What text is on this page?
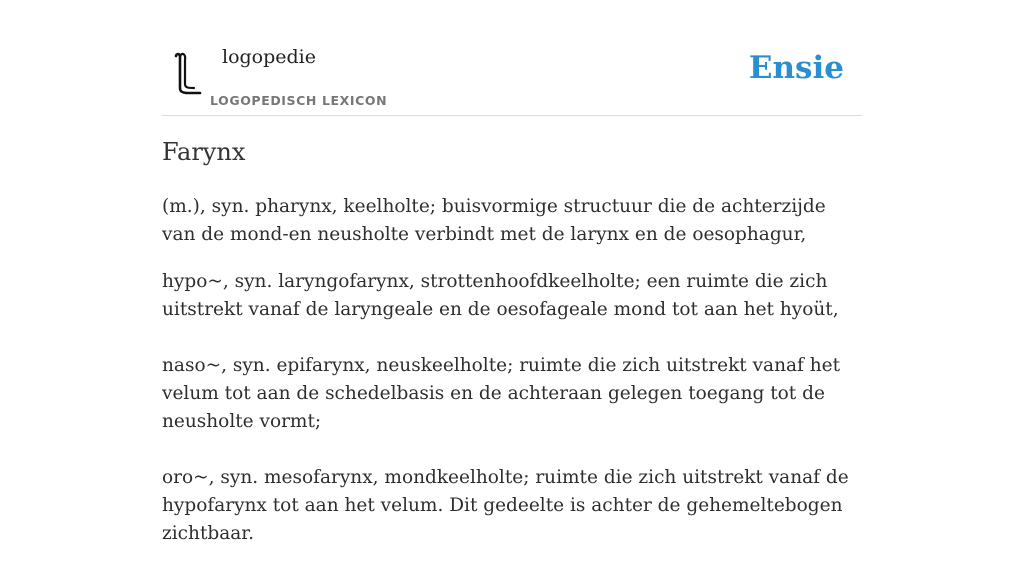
logopedie
LOGOPEDISCH LEXICON
Ensie
Farynx

(m.), syn. pharynx, keelholte; buisvormige structuur die de achterzijde van de mond-en neusholte verbindt met de larynx en de oesophagur,

hypo~, syn. laryngofarynx, strottenhoofdkeelholte; een ruimte die zich uitstrekt vanaf de laryngeale en de oesofageale mond tot aan het hyoüt,

naso~, syn. epifarynx, neuskeelholte; ruimte die zich uitstrekt vanaf het velum tot aan de schedelbasis en de achteraan gelegen toegang tot de neusholte vormt;

oro~, syn. mesofarynx, mondkeelholte; ruimte die zich uitstrekt vanaf de hypofarynx tot aan het velum. Dit gedeelte is achter de gehemeltebogen zichtbaar.
